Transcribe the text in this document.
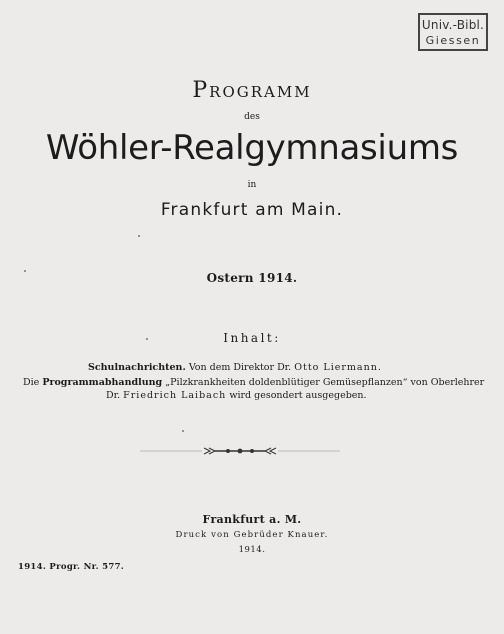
Univ.-Bibl.
Giessen
Programm
des
Wöhler-Realgymnasiums
in
Frankfurt am Main.
Ostern 1914.
Inhalt:
Schulnachrichten. Von dem Direktor Dr. Otto Liermann.
Die Programmabhandlung „Pilzkrankheiten doldenblütiger Gemüsepflanzen“ von Oberlehrer
Dr. Friedrich Laibach wird gesondert ausgegeben.
Frankfurt a. M.
Druck von Gebrüder Knauer.
1914.
1914. Progr. Nr. 577.
